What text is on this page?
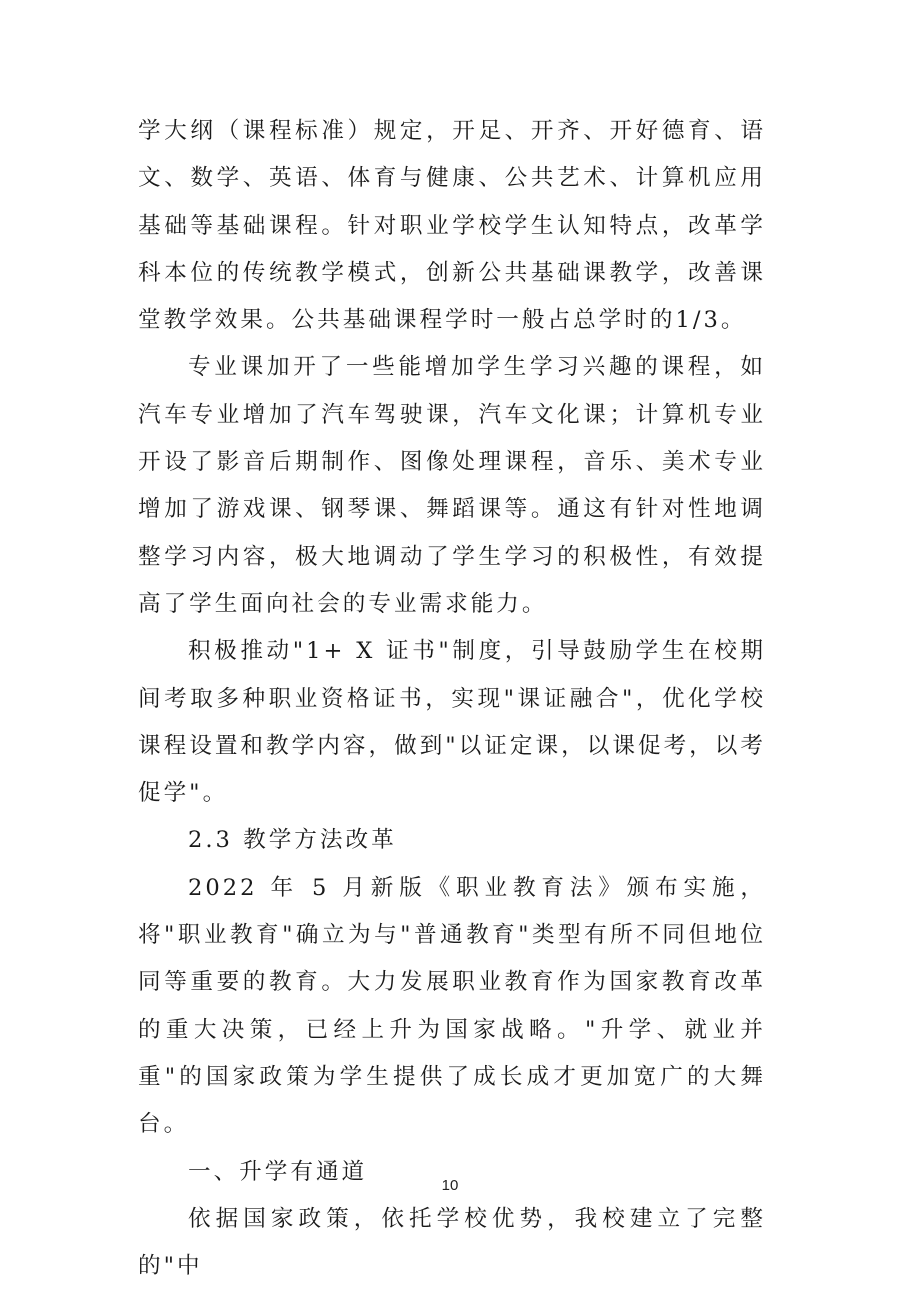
学大纲（课程标准）规定，开足、开齐、开好德育、语文、数学、英语、体育与健康、公共艺术、计算机应用基础等基础课程。针对职业学校学生认知特点，改革学科本位的传统教学模式，创新公共基础课教学，改善课堂教学效果。公共基础课程学时一般占总学时的1/3。

专业课加开了一些能增加学生学习兴趣的课程，如汽车专业增加了汽车驾驶课，汽车文化课；计算机专业开设了影音后期制作、图像处理课程，音乐、美术专业增加了游戏课、钢琴课、舞蹈课等。通这有针对性地调整学习内容，极大地调动了学生学习的积极性，有效提高了学生面向社会的专业需求能力。

积极推动"1+ X 证书"制度，引导鼓励学生在校期间考取多种职业资格证书，实现"课证融合"，优化学校课程设置和教学内容，做到"以证定课，以课促考，以考促学"。

2.3 教学方法改革

2022 年 5 月新版《职业教育法》颁布实施，将"职业教育"确立为与"普通教育"类型有所不同但地位同等重要的教育。大力发展职业教育作为国家教育改革的重大决策，已经上升为国家战略。"升学、就业并重"的国家政策为学生提供了成长成才更加宽广的大舞台。

一、升学有通道

依据国家政策，依托学校优势，我校建立了完整的"中

10
